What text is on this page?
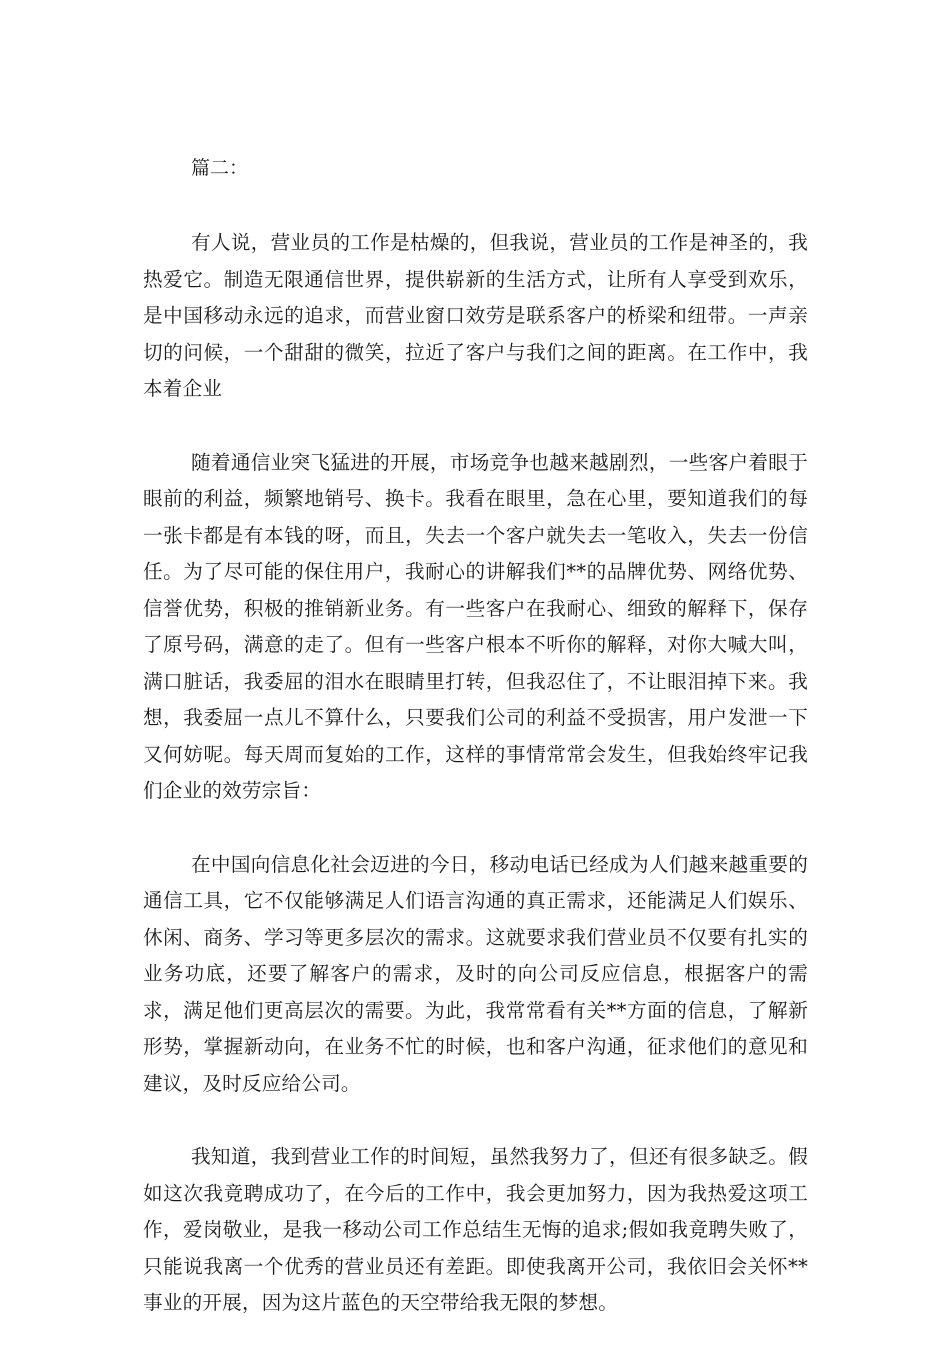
篇二：

有人说，营业员的工作是枯燥的，但我说，营业员的工作是神圣的，我热爱它。制造无限通信世界，提供崭新的生活方式，让所有人享受到欢乐，是中国移动永远的追求，而营业窗口效劳是联系客户的桥梁和纽带。一声亲切的问候，一个甜甜的微笑，拉近了客户与我们之间的距离。在工作中，我本着企业

随着通信业突飞猛进的开展，市场竞争也越来越剧烈，一些客户着眼于眼前的利益，频繁地销号、换卡。我看在眼里，急在心里，要知道我们的每一张卡都是有本钱的呀，而且，失去一个客户就失去一笔收入，失去一份信任。为了尽可能的保住用户，我耐心的讲解我们**的品牌优势、网络优势、信誉优势，积极的推销新业务。有一些客户在我耐心、细致的解释下，保存了原号码，满意的走了。但有一些客户根本不听你的解释，对你大喊大叫，满口脏话，我委屈的泪水在眼睛里打转，但我忍住了，不让眼泪掉下来。我想，我委屈一点儿不算什么，只要我们公司的利益不受损害，用户发泄一下又何妨呢。每天周而复始的工作，这样的事情常常会发生，但我始终牢记我们企业的效劳宗旨：

在中国向信息化社会迈进的今日，移动电话已经成为人们越来越重要的通信工具，它不仅能够满足人们语言沟通的真正需求，还能满足人们娱乐、休闲、商务、学习等更多层次的需求。这就要求我们营业员不仅要有扎实的业务功底，还要了解客户的需求，及时的向公司反应信息，根据客户的需求，满足他们更高层次的需要。为此，我常常看有关**方面的信息，了解新形势，掌握新动向，在业务不忙的时候，也和客户沟通，征求他们的意见和建议，及时反应给公司。

我知道，我到营业工作的时间短，虽然我努力了，但还有很多缺乏。假如这次我竟聘成功了，在今后的工作中，我会更加努力，因为我热爱这项工作，爱岗敬业，是我一移动公司工作总结生无悔的追求;假如我竟聘失败了，只能说我离一个优秀的营业员还有差距。即使我离开公司，我依旧会关怀**事业的开展，因为这片蓝色的天空带给我无限的梦想。
